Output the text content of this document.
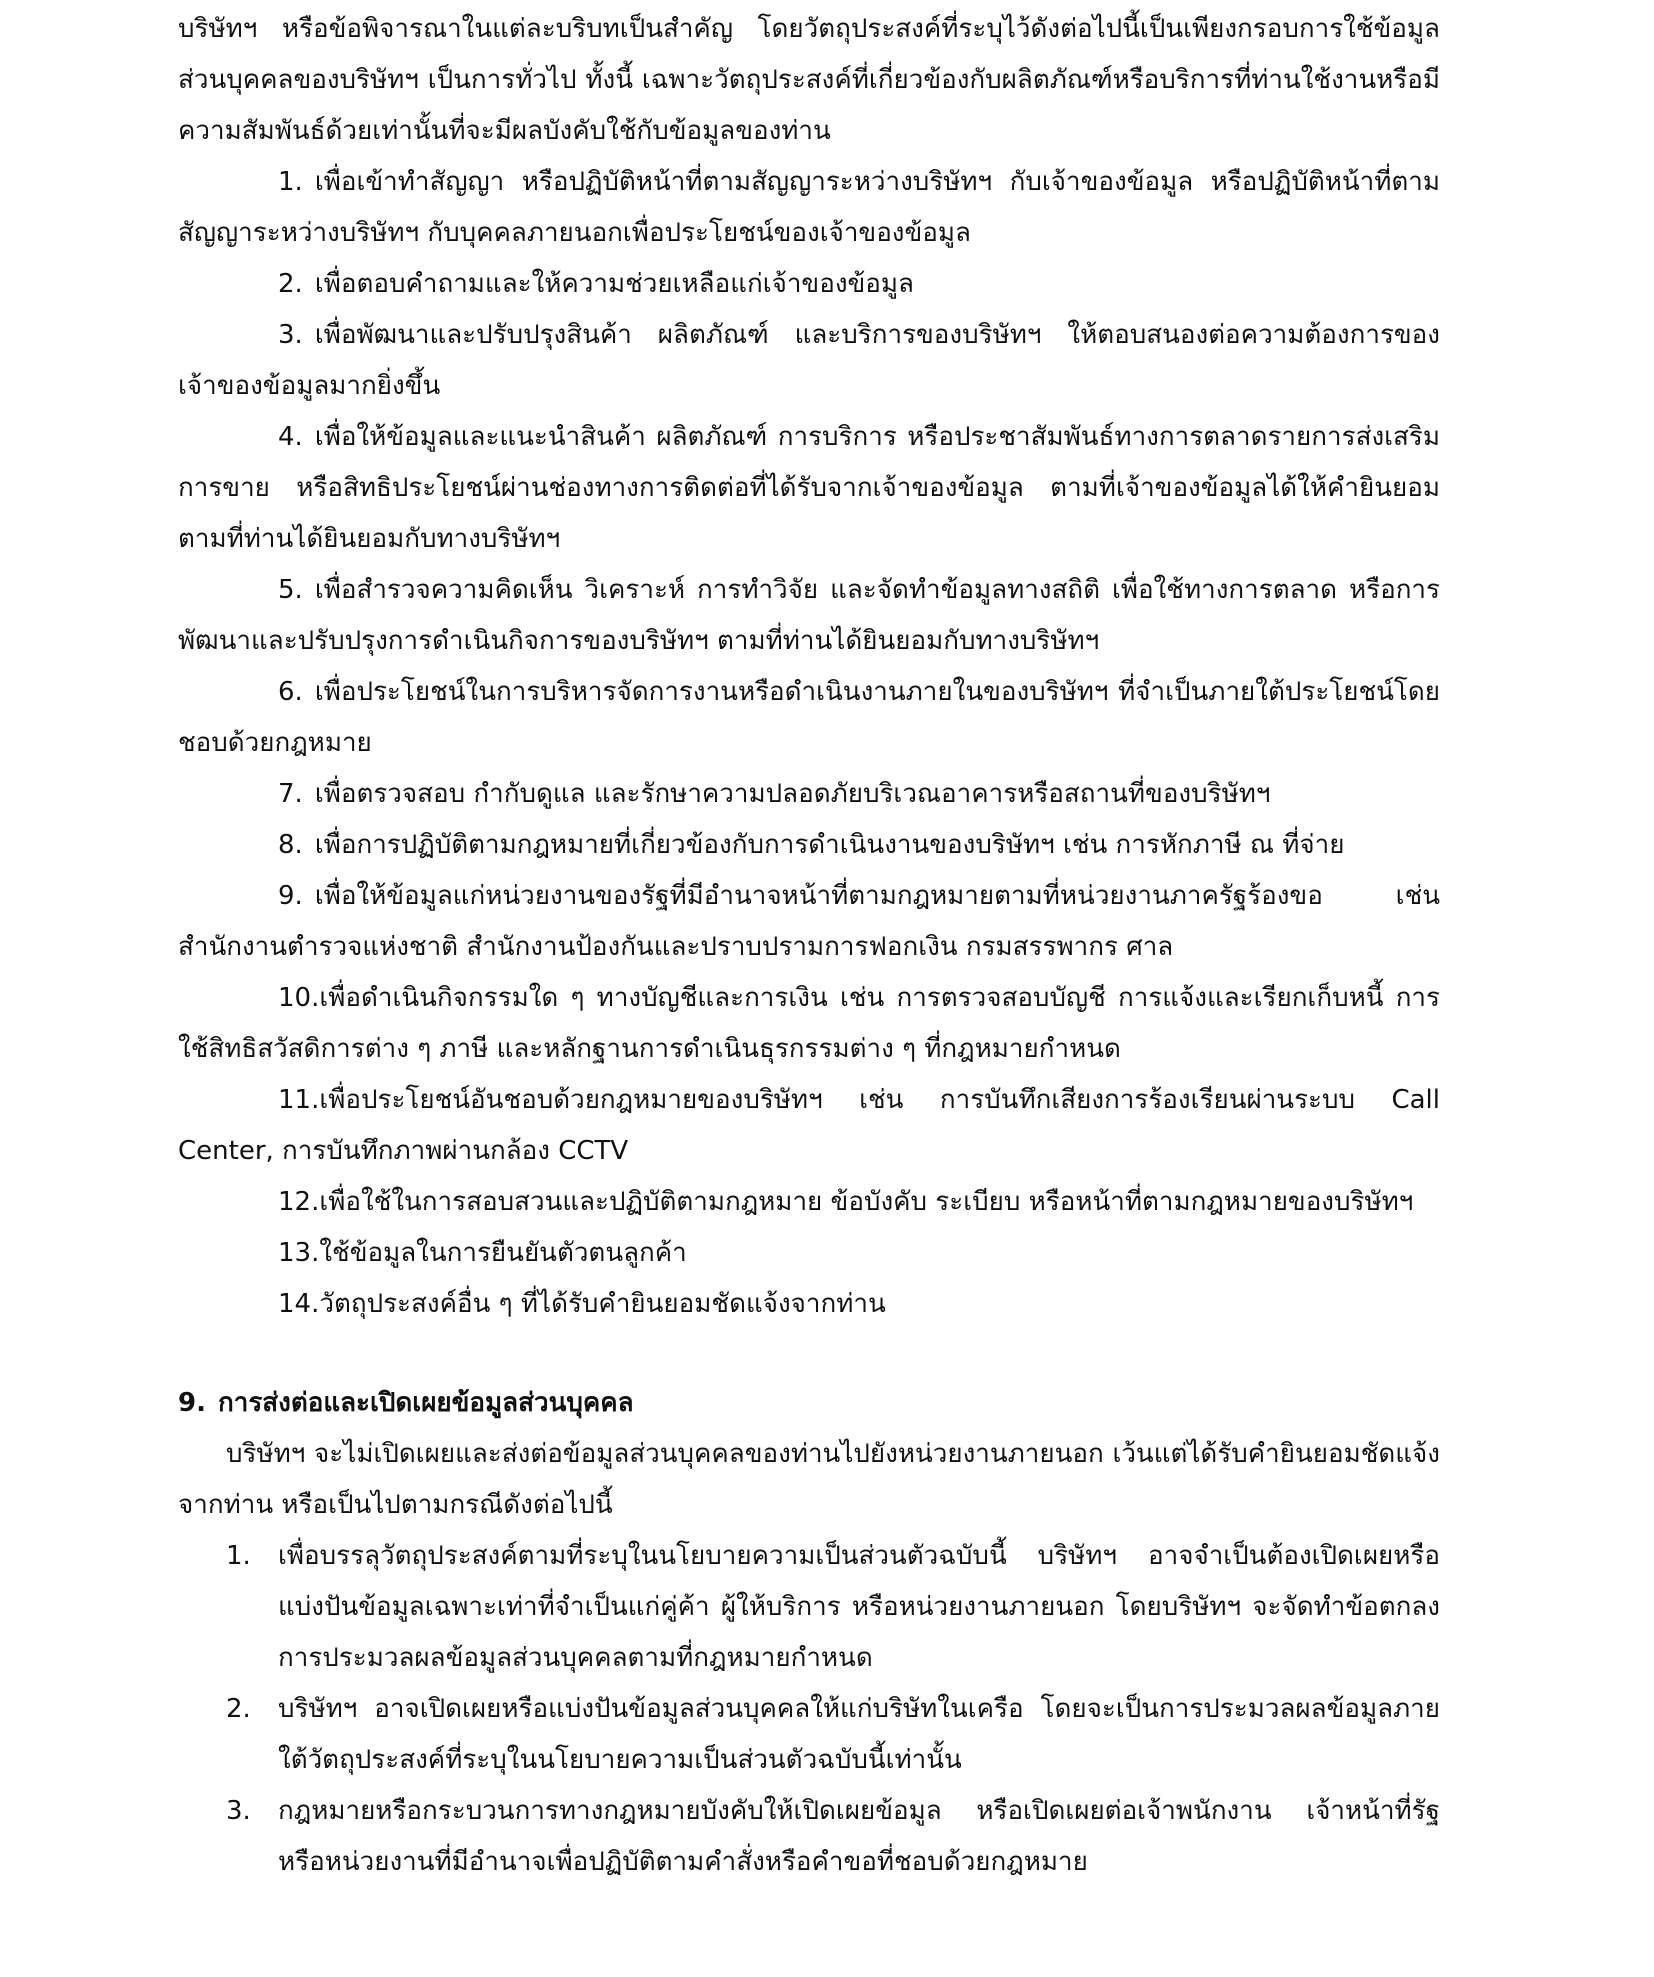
บริษัทฯ หรือข้อพิจารณาในแต่ละบริบทเป็นสำคัญ โดยวัตถุประสงค์ที่ระบุไว้ดังต่อไปนี้เป็นเพียงกรอบการใช้ข้อมูลส่วนบุคคลของบริษัทฯ เป็นการทั่วไป ทั้งนี้ เฉพาะวัตถุประสงค์ที่เกี่ยวข้องกับผลิตภัณฑ์หรือบริการที่ท่านใช้งานหรือมีความสัมพันธ์ด้วยเท่านั้นที่จะมีผลบังคับใช้กับข้อมูลของท่าน

1. เพื่อเข้าทำสัญญา หรือปฏิบัติหน้าที่ตามสัญญาระหว่างบริษัทฯ กับเจ้าของข้อมูล หรือปฏิบัติหน้าที่ตามสัญญาระหว่างบริษัทฯ กับบุคคลภายนอกเพื่อประโยชน์ของเจ้าของข้อมูล

2. เพื่อตอบคำถามและให้ความช่วยเหลือแก่เจ้าของข้อมูล

3. เพื่อพัฒนาและปรับปรุงสินค้า ผลิตภัณฑ์ และบริการของบริษัทฯ ให้ตอบสนองต่อความต้องการของเจ้าของข้อมูลมากยิ่งขึ้น

4. เพื่อให้ข้อมูลและแนะนำสินค้า ผลิตภัณฑ์ การบริการ หรือประชาสัมพันธ์ทางการตลาดรายการส่งเสริมการขาย หรือสิทธิประโยชน์ผ่านช่องทางการติดต่อที่ได้รับจากเจ้าของข้อมูล ตามที่เจ้าของข้อมูลได้ให้คำยินยอม ตามที่ท่านได้ยินยอมกับทางบริษัทฯ

5. เพื่อสำรวจความคิดเห็น วิเคราะห์ การทำวิจัย และจัดทำข้อมูลทางสถิติ เพื่อใช้ทางการตลาด หรือการพัฒนาและปรับปรุงการดำเนินกิจการของบริษัทฯ ตามที่ท่านได้ยินยอมกับทางบริษัทฯ

6. เพื่อประโยชน์ในการบริหารจัดการงานหรือดำเนินงานภายในของบริษัทฯ ที่จำเป็นภายใต้ประโยชน์โดยชอบด้วยกฎหมาย

7. เพื่อตรวจสอบ กำกับดูแล และรักษาความปลอดภัยบริเวณอาคารหรือสถานที่ของบริษัทฯ

8. เพื่อการปฏิบัติตามกฎหมายที่เกี่ยวข้องกับการดำเนินงานของบริษัทฯ เช่น การหักภาษี ณ ที่จ่าย

9. เพื่อให้ข้อมูลแก่หน่วยงานของรัฐที่มีอำนาจหน้าที่ตามกฎหมายตามที่หน่วยงานภาครัฐร้องขอ เช่น สำนักงานตำรวจแห่งชาติ สำนักงานป้องกันและปราบปรามการฟอกเงิน กรมสรรพากร ศาล

10.เพื่อดำเนินกิจกรรมใด ๆ ทางบัญชีและการเงิน เช่น การตรวจสอบบัญชี การแจ้งและเรียกเก็บหนี้ การใช้สิทธิสวัสดิการต่าง ๆ ภาษี และหลักฐานการดำเนินธุรกรรมต่าง ๆ ที่กฎหมายกำหนด

11.เพื่อประโยชน์อันชอบด้วยกฎหมายของบริษัทฯ เช่น การบันทึกเสียงการร้องเรียนผ่านระบบ Call Center, การบันทึกภาพผ่านกล้อง CCTV

12.เพื่อใช้ในการสอบสวนและปฏิบัติตามกฎหมาย ข้อบังคับ ระเบียบ หรือหน้าที่ตามกฎหมายของบริษัทฯ

13.ใช้ข้อมูลในการยืนยันตัวตนลูกค้า

14.วัตถุประสงค์อื่น ๆ ที่ได้รับคำยินยอมชัดแจ้งจากท่าน

9. การส่งต่อและเปิดเผยข้อมูลส่วนบุคคล

บริษัทฯ จะไม่เปิดเผยและส่งต่อข้อมูลส่วนบุคคลของท่านไปยังหน่วยงานภายนอก เว้นแต่ได้รับคำยินยอมชัดแจ้งจากท่าน หรือเป็นไปตามกรณีดังต่อไปนี้

1.	เพื่อบรรลุวัตถุประสงค์ตามที่ระบุในนโยบายความเป็นส่วนตัวฉบับนี้ บริษัทฯ อาจจำเป็นต้องเปิดเผยหรือแบ่งปันข้อมูลเฉพาะเท่าที่จำเป็นแก่คู่ค้า ผู้ให้บริการ หรือหน่วยงานภายนอก โดยบริษัทฯ จะจัดทำข้อตกลงการประมวลผลข้อมูลส่วนบุคคลตามที่กฎหมายกำหนด
2.	บริษัทฯ อาจเปิดเผยหรือแบ่งปันข้อมูลส่วนบุคคลให้แก่บริษัทในเครือ โดยจะเป็นการประมวลผลข้อมูลภายใต้วัตถุประสงค์ที่ระบุในนโยบายความเป็นส่วนตัวฉบับนี้เท่านั้น
3.	กฎหมายหรือกระบวนการทางกฎหมายบังคับให้เปิดเผยข้อมูล หรือเปิดเผยต่อเจ้าพนักงาน เจ้าหน้าที่รัฐ หรือหน่วยงานที่มีอำนาจเพื่อปฏิบัติตามคำสั่งหรือคำขอที่ชอบด้วยกฎหมาย
